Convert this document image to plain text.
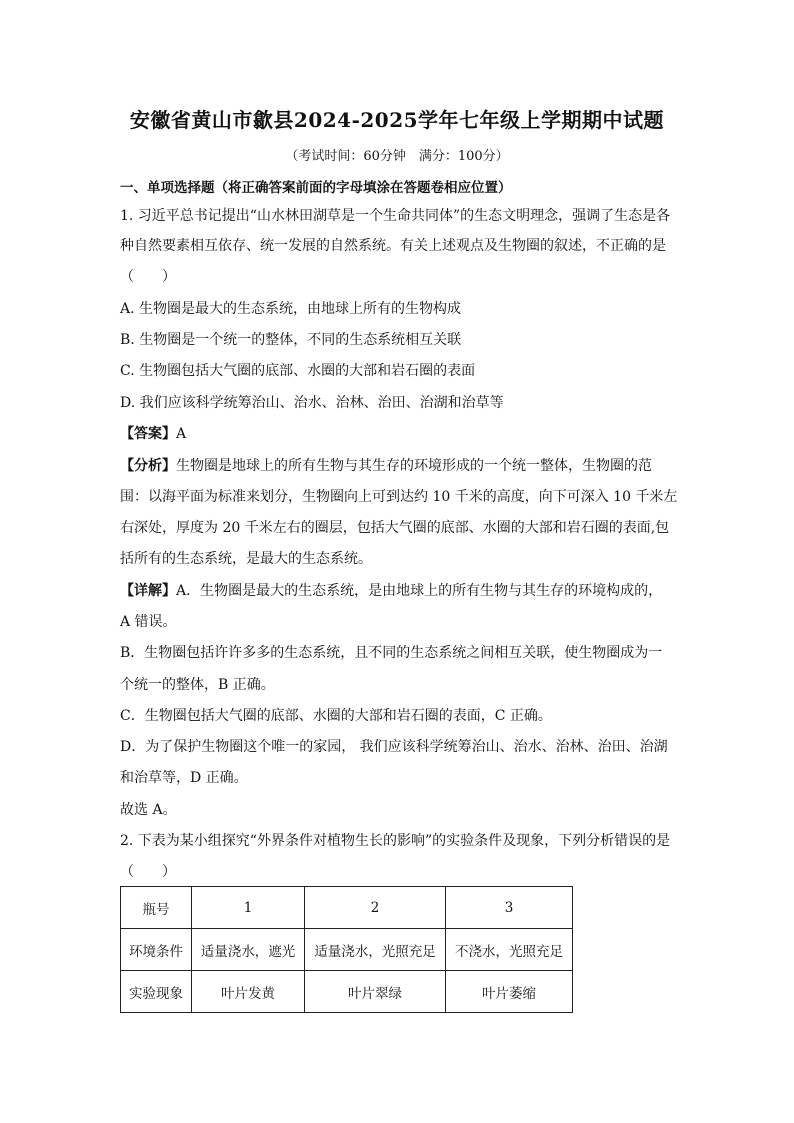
安徽省黄山市歙县2024-2025学年七年级上学期期中试题
（考试时间：60分钟　满分：100分）
一、单项选择题（将正确答案前面的字母填涂在答题卷相应位置）
1. 习近平总书记提出“山水林田湖草是一个生命共同体”的生态文明理念，强调了生态是各
种自然要素相互依存、统一发展的自然系统。有关上述观点及生物圈的叙述，不正确的是
（　　）
A. 生物圈是最大的生态系统，由地球上所有的生物构成
B. 生物圈是一个统一的整体，不同的生态系统相互关联
C. 生物圈包括大气圈的底部、水圈的大部和岩石圈的表面
D. 我们应该科学统筹治山、治水、治林、治田、治湖和治草等
【答案】A
【分析】生物圈是地球上的所有生物与其生存的环境形成的一个统一整体，生物圈的范
围：以海平面为标准来划分，生物圈向上可到达约 10 千米的高度，向下可深入 10 千米左
右深处，厚度为 20 千米左右的圈层，包括大气圈的底部、水圈的大部和岩石圈的表面,包
括所有的生态系统，是最大的生态系统。
【详解】A．生物圈是最大的生态系统，是由地球上的所有生物与其生存的环境构成的，
A 错误。
B．生物圈包括许许多多的生态系统，且不同的生态系统之间相互关联，使生物圈成为一
个统一的整体，B 正确。
C．生物圈包括大气圈的底部、水圈的大部和岩石圈的表面，C 正确。
D．为了保护生物圈这个唯一的家园， 我们应该科学统筹治山、治水、治林、治田、治湖
和治草等，D 正确。
故选 A。
2. 下表为某小组探究“外界条件对植物生长的影响”的实验条件及现象，下列分析错误的是
（　　）
瓶号	1	2	3
环境条件	适量浇水，遮光	适量浇水，光照充足	不浇水，光照充足
实验现象	叶片发黄	叶片翠绿	叶片萎缩
